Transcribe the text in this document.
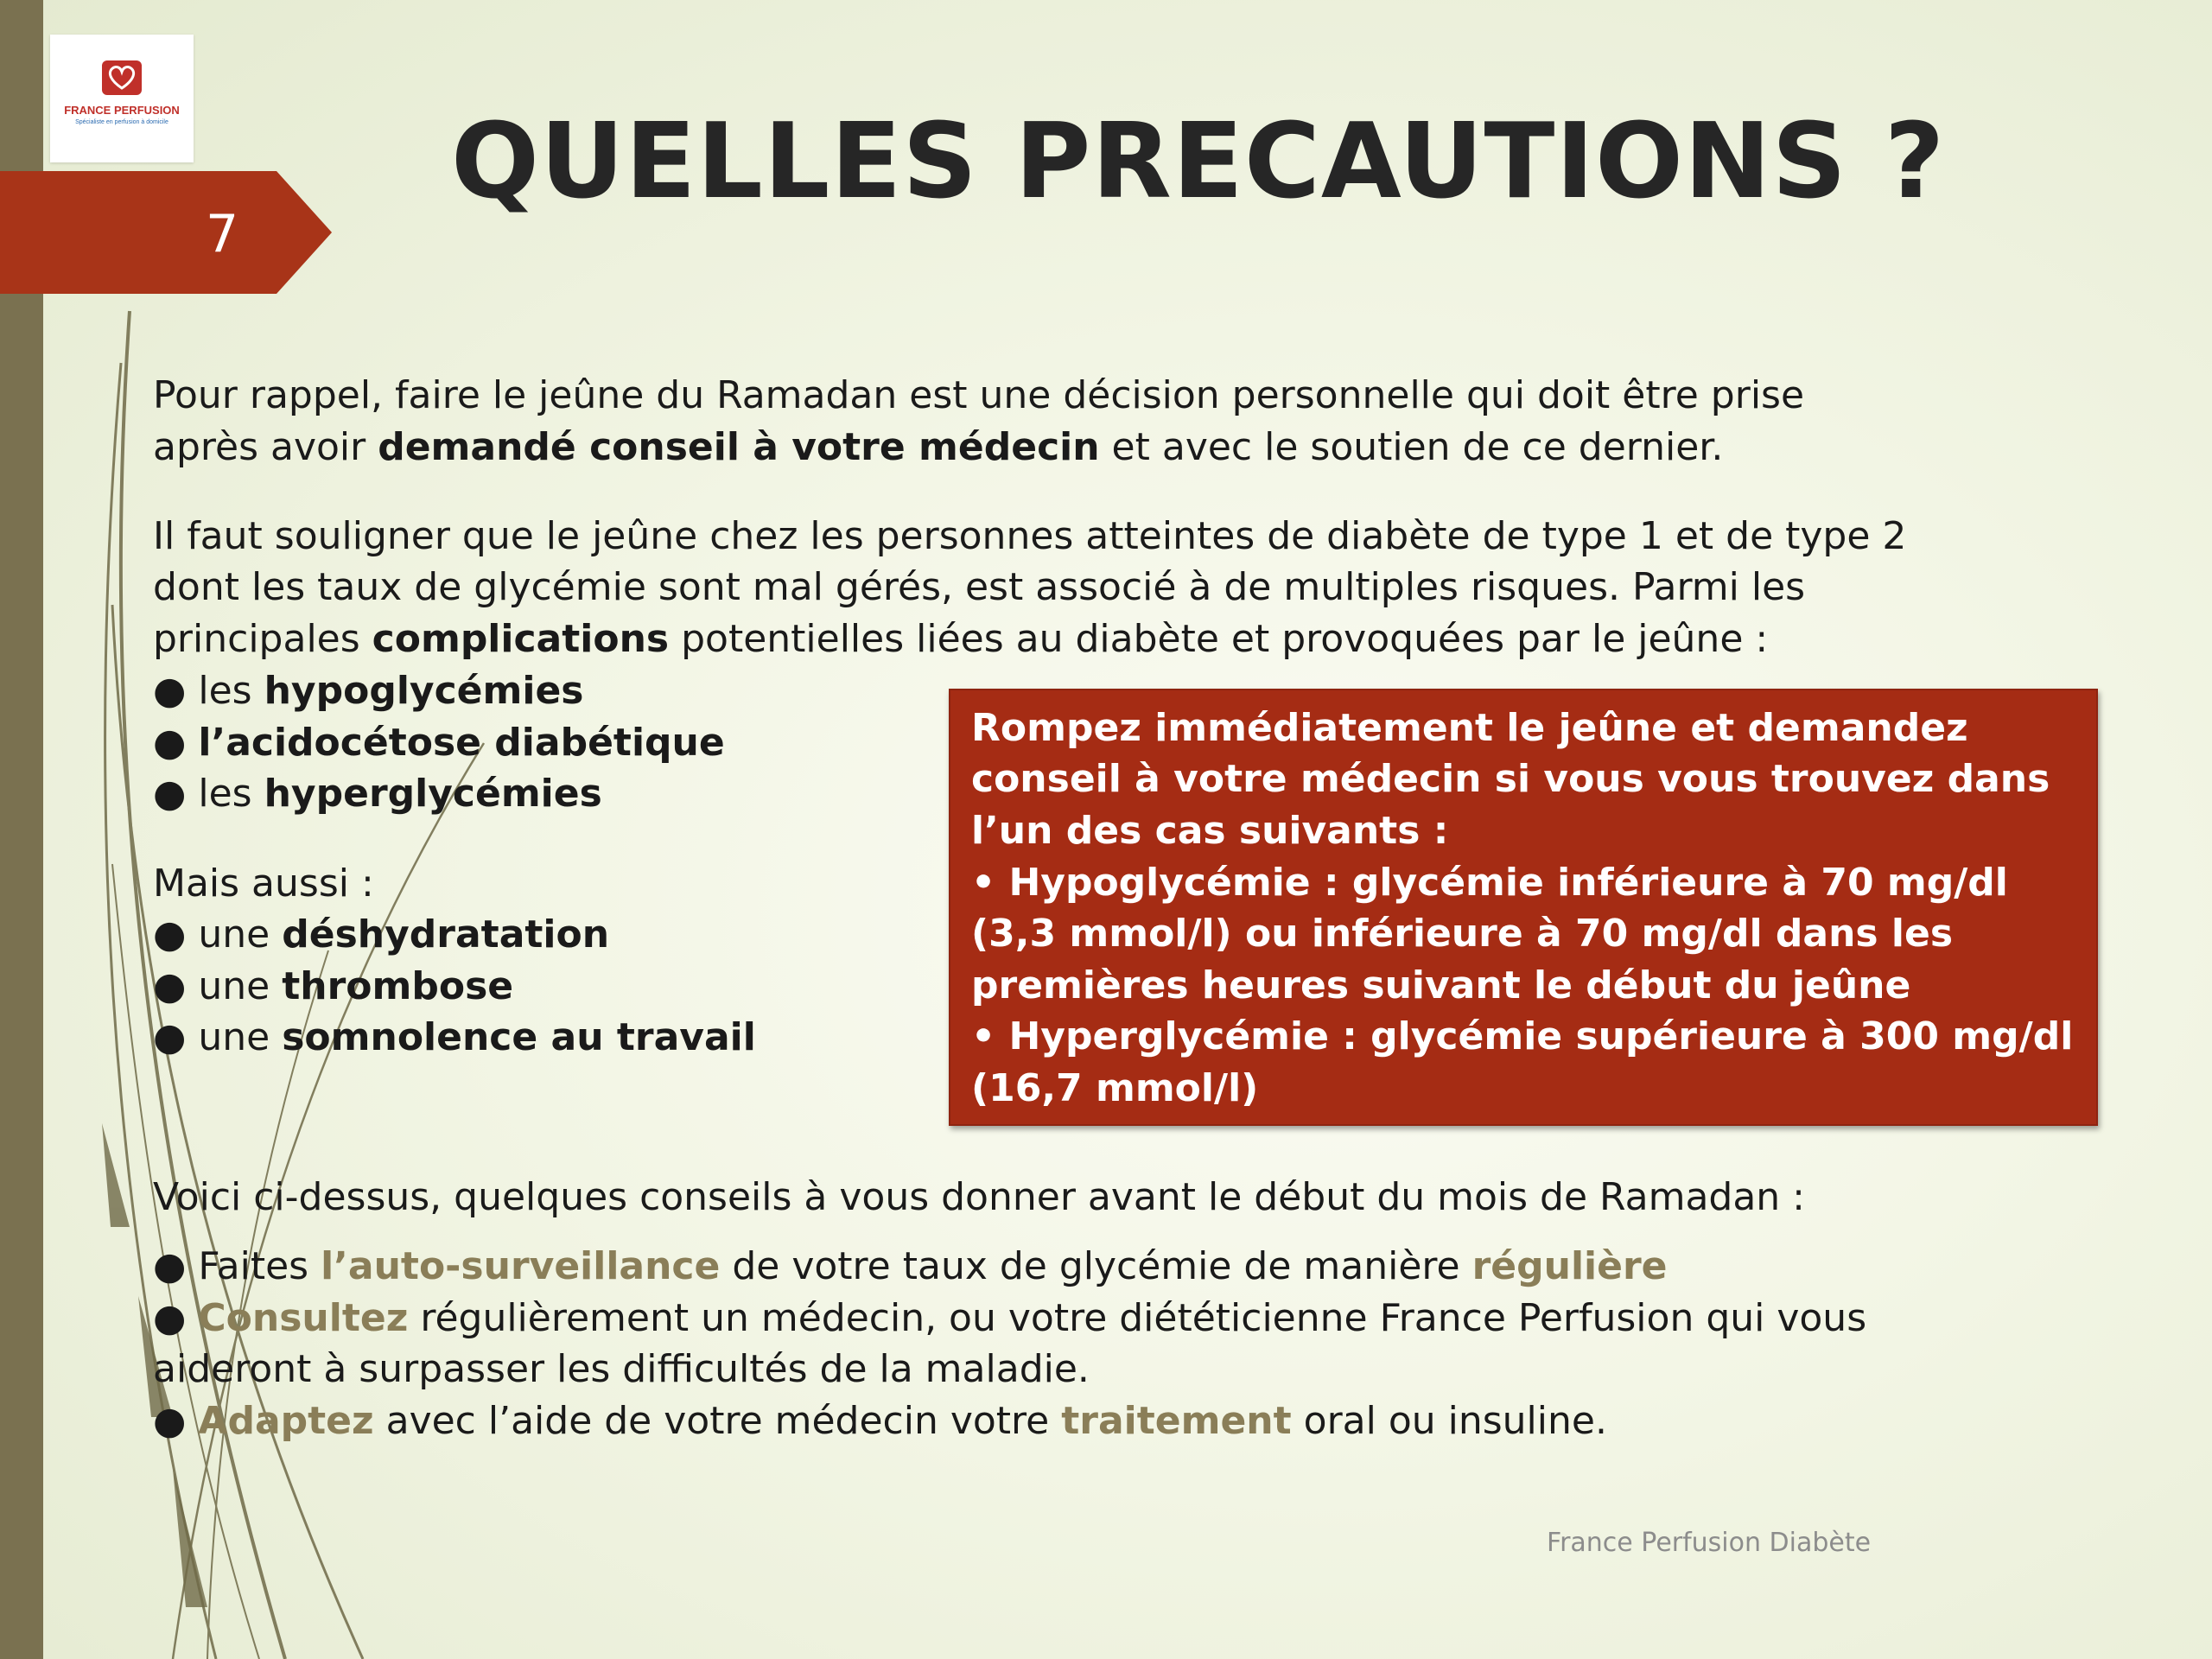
FRANCE PERFUSION
Spécialiste en perfusion à domicile
7
QUELLES PRECAUTIONS ?

Pour rappel, faire le jeûne du Ramadan est une décision personnelle qui doit être prise

après avoir demandé conseil à votre médecin et avec le soutien de ce dernier.

Il faut souligner que le jeûne chez les personnes atteintes de diabète de type 1 et de type 2

dont les taux de glycémie sont mal gérés, est associé à de multiples risques. Parmi les

principales complications potentielles liées au diabète et provoquées par le jeûne :

● les hypoglycémies

● l’acidocétose diabétique

● les hyperglycémies

Mais aussi :

● une déshydratation

● une thrombose

● une somnolence au travail

Rompez immédiatement le jeûne et demandez

conseil à votre médecin si vous vous trouvez dans

l’un des cas suivants :

• Hypoglycémie : glycémie inférieure à 70 mg/dl

(3,3 mmol/l) ou inférieure à 70 mg/dl dans les

premières heures suivant le début du jeûne

• Hyperglycémie : glycémie supérieure à 300 mg/dl

(16,7 mmol/l)

Voici ci-dessus, quelques conseils à vous donner avant le début du mois de Ramadan :

● Faites l’auto-surveillance de votre taux de glycémie de manière régulière

● Consultez régulièrement un médecin, ou votre diététicienne France Perfusion qui vous

aideront à surpasser les difficultés de la maladie.

● Adaptez avec l’aide de votre médecin votre traitement oral ou insuline.

France Perfusion Diabète
